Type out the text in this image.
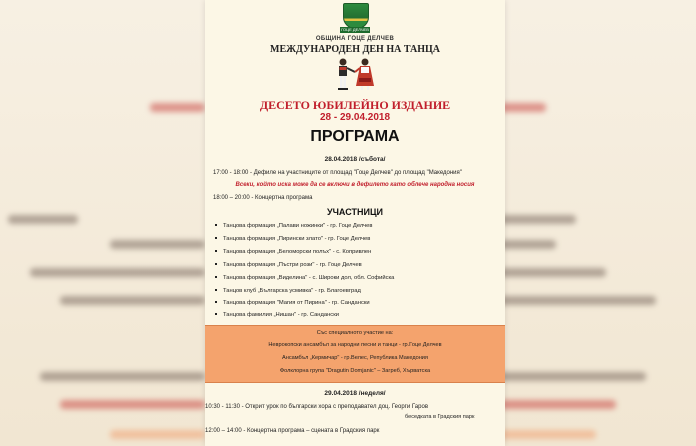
ГОЦЕ ДЕЛЧЕВ
ОБЩИНА ГОЦЕ ДЕЛЧЕВ
МЕЖДУНАРОДЕН ДЕН НА ТАНЦА
ДЕСЕТО ЮБИЛЕЙНО ИЗДАНИЕ
28 - 29.04.2018
ПРОГРАМА
28.04.2018 /събота/
17:00 - 18:00 - Дефиле на участниците от площад "Гоце Делчев" до площад "Македония"
Всеки, който иска може да се включи в дефилето като облече народна носия
18:00 – 20:00 - Концертна програма
УЧАСТНИЦИ
Танцова формация „Палави ножинки" - гр. Гоце Делчев
Танцова формация „Пирински злато" - гр. Гоце Делчев
Танцова формация „Беломорски полъх" - с. Копривлен
Танцова формация „Пъстри рози" - гр. Гоце Делчев
Танцова формация „Виделина" - с. Широки дол, обл. Софийска
Танцов клуб „Българска усмивка" - гр. Благоевград
Танцова формация "Магия от Пирина" - гр. Сандански
Танцова фамилия „Нишан" - гр. Сандански
Със специалното участие на:
Неврокопски ансамбъл за народни песни и танци - гр.Гоце Делчев
Ансамбъл „Кермичар" - гр.Велес, Република Македония
Фолклорна група "Dragutin Domjanic" – Загреб, Хърватска
29.04.2018 /неделя/
10:30 - 11:30 - Открит урок по български хора с преподавател доц. Георги Гаров
беседката в Градския парк
12:00 – 14:00 - Концертна програма – сцената в Градския парк
